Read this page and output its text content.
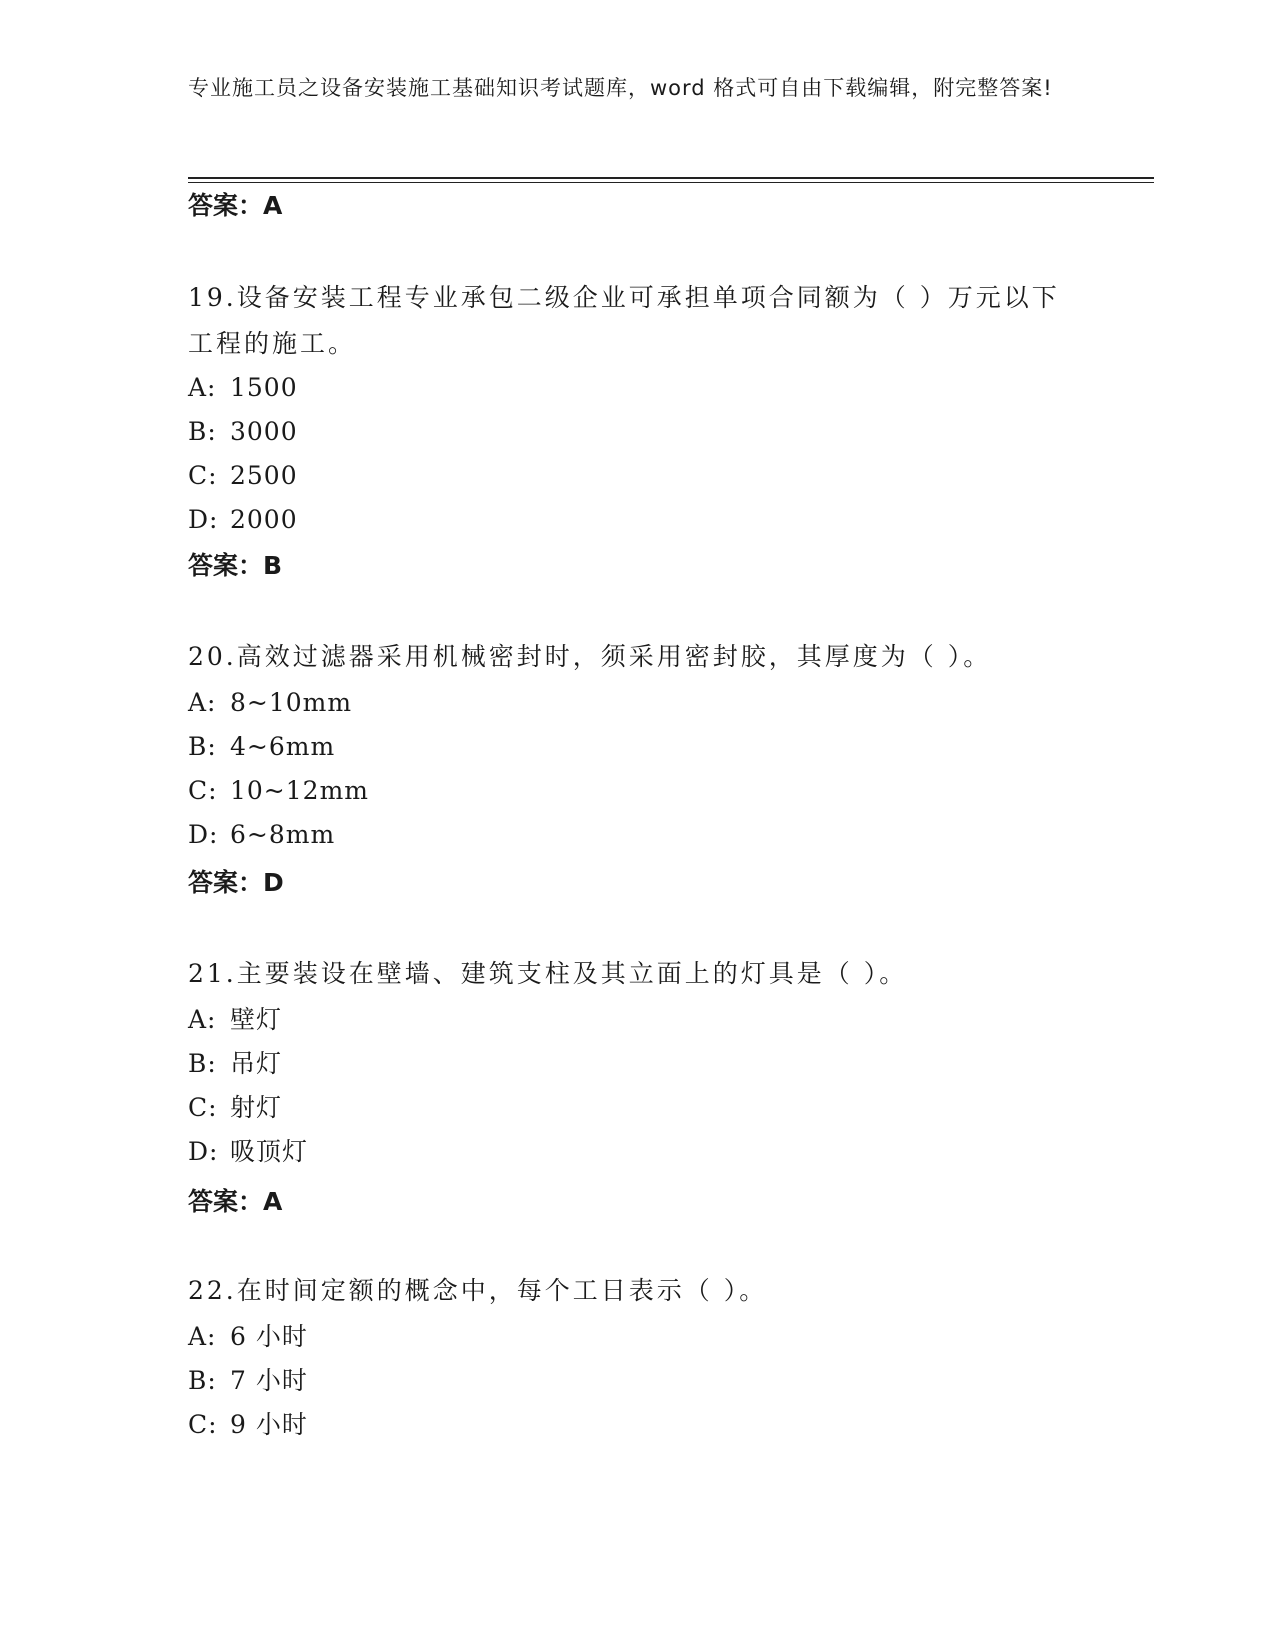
专业施工员之设备安装施工基础知识考试题库，word 格式可自由下载编辑，附完整答案!
答案：A
19.设备安装工程专业承包二级企业可承担单项合同额为（ ）万元以下工程的施工。
A: 1500
B: 3000
C: 2500
D: 2000
答案：B
20.高效过滤器采用机械密封时，须采用密封胶，其厚度为（ ）。
A: 8~10mm
B: 4~6mm
C: 10~12mm
D: 6~8mm
答案：D
21.主要装设在壁墙、建筑支柱及其立面上的灯具是（ ）。
A: 壁灯
B: 吊灯
C: 射灯
D: 吸顶灯
答案：A
22.在时间定额的概念中，每个工日表示（ ）。
A: 6 小时
B: 7 小时
C: 9 小时
